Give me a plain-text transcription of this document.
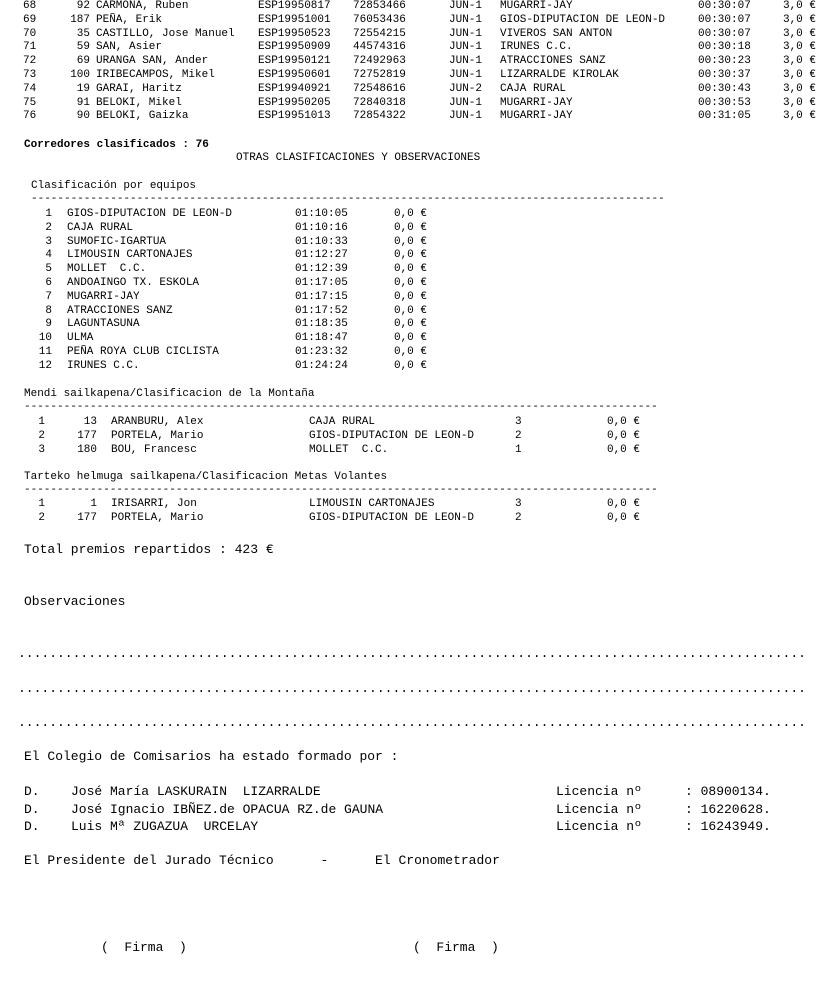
68	92 CARMONA, Ruben	ESP19950817 72853466	JUN-1 MUGARRI-JAY	00:30:07	3,0 €
69	187 PEÑA, Erik	ESP19951001 76053436	JUN-1 GIOS-DIPUTACION DE LEON-D	00:30:07	3,0 €
70	35 CASTILLO, Jose Manuel ESP19950523 72554215	JUN-1 VIVEROS SAN ANTON	00:30:07	3,0 €
71	59 SAN, Asier	ESP19950909 44574316	JUN-1 IRUNES C.C.	00:30:18	3,0 €
72	69 URANGA SAN, Ander	ESP19950121 72492963	JUN-1 ATRACCIONES SANZ	00:30:23	3,0 €
73	100 IRIBECAMPOS, Mikel	ESP19950601 72752819	JUN-1 LIZARRALDE KIROLAK	00:30:37	3,0 €
74	19 GARAI, Haritz	ESP19940921 72548616	JUN-2 CAJA RURAL	00:30:43	3,0 €
75	91 BELOKI, Mikel	ESP19950205 72840318	JUN-1 MUGARRI-JAY	00:30:53	3,0 €
76	90 BELOKI, Gaizka	ESP19951013 72854322	JUN-1 MUGARRI-JAY	00:31:05	3,0 €
Corredores clasificados : 76
OTRAS CLASIFICACIONES Y OBSERVACIONES
Clasificación por equipos
------------------------------------------------------------------------------------------------
1 GIOS-DIPUTACION DE LEON-D	01:10:05	0,0 €
2 CAJA RURAL	01:10:16	0,0 €
3 SUMOFIC-IGARTUA	01:10:33	0,0 €
4 LIMOUSIN CARTONAJES	01:12:27	0,0 €
5 MOLLET  C.C.	01:12:39	0,0 €
6 ANDOAINGO TX. ESKOLA	01:17:05	0,0 €
7 MUGARRI-JAY	01:17:15	0,0 €
8 ATRACCIONES SANZ	01:17:52	0,0 €
9 LAGUNTASUNA	01:18:35	0,0 €
10 ULMA	01:18:47	0,0 €
11 PEÑA ROYA CLUB CICLISTA	01:23:32	0,0 €
12 IRUNES C.C.	01:24:24	0,0 €
Mendi sailkapena/Clasificacion de la Montaña
------------------------------------------------------------------------------------------------
1	13 ARANBURU, Alex	CAJA RURAL	3	0,0 €
2	177 PORTELA, Mario	GIOS-DIPUTACION DE LEON-D	2	0,0 €
3	180 BOU, Francesc	MOLLET  C.C.	1	0,0 €
Tarteko helmuga sailkapena/Clasificacion Metas Volantes
------------------------------------------------------------------------------------------------
1	1 IRISARRI, Jon	LIMOUSIN CARTONAJES	3	0,0 €
2	177 PORTELA, Mario	GIOS-DIPUTACION DE LEON-D	2	0,0 €
Total premios repartidos : 423 €
Observaciones
.....................................................................................................
.....................................................................................................
.....................................................................................................
El Colegio de Comisarios ha estado formado por :
D. José María LASKURAIN  LIZARRALDE	Licencia nº	: 08900134.
D. José Ignacio IBÑEZ.de OPACUA RZ.de GAUNA	Licencia nº	: 16220628.
D. Luis Mª ZUGAZUA  URCELAY	Licencia nº	: 16243949.
El Presidente del Jurado Técnico      -      El Cronometrador
(  Firma  )	(  Firma  )
